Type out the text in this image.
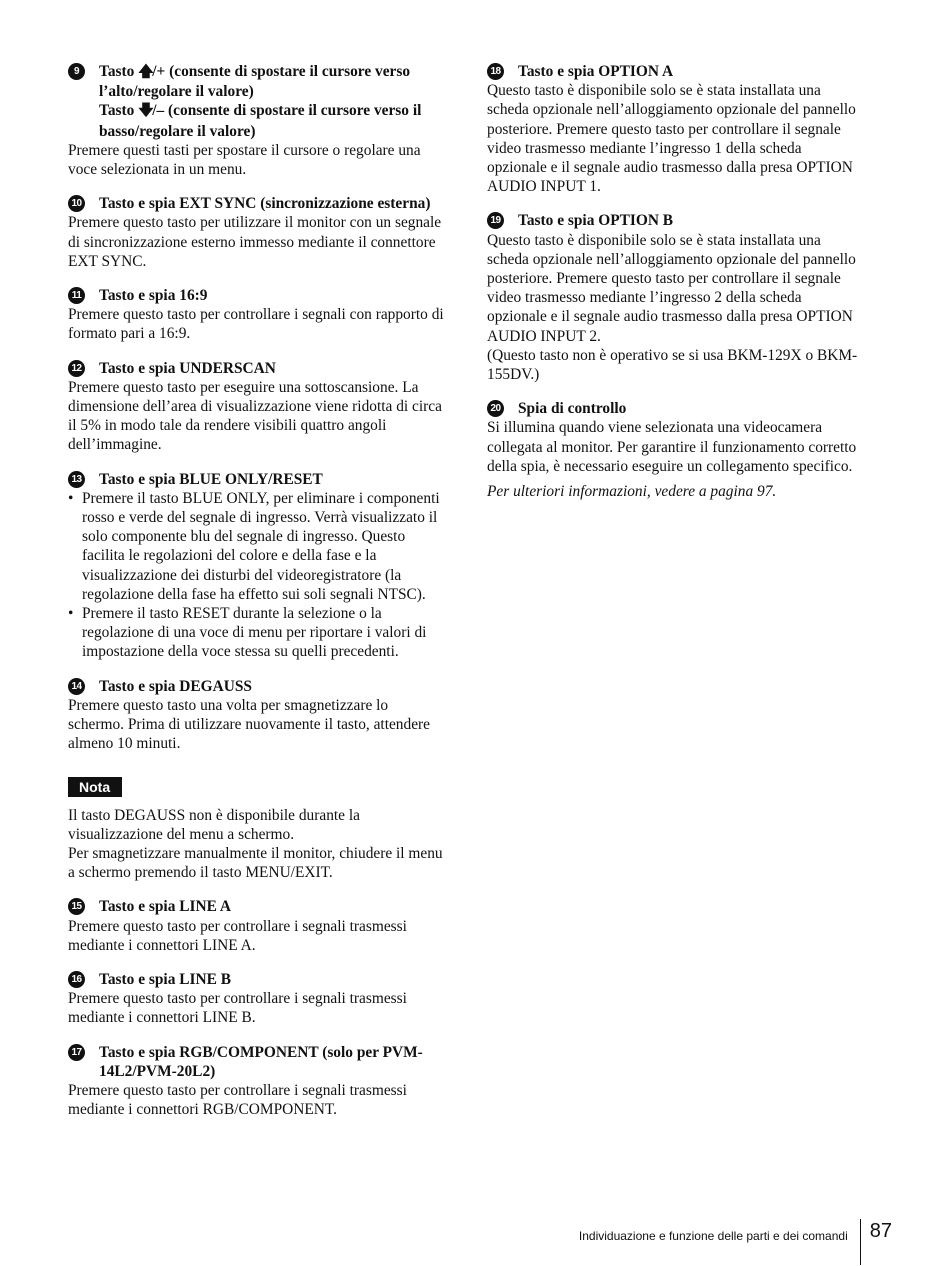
9	Tasto 🡅/+ (consente di spostare il cursore verso l’alto/regolare il valore)
Tasto 🡇/– (consente di spostare il cursore verso il basso/regolare il valore)
Premere questi tasti per spostare il cursore o regolare una voce selezionata in un menu.
10 Tasto e spia EXT SYNC (sincronizzazione esterna)
Premere questo tasto per utilizzare il monitor con un segnale di sincronizzazione esterno immesso mediante il connettore EXT SYNC.
11 Tasto e spia 16:9
Premere questo tasto per controllare i segnali con rapporto di formato pari a 16:9.
12 Tasto e spia UNDERSCAN
Premere questo tasto per eseguire una sottoscansione. La dimensione dell’area di visualizzazione viene ridotta di circa il 5% in modo tale da rendere visibili quattro angoli dell’immagine.
13 Tasto e spia BLUE ONLY/RESET
• Premere il tasto BLUE ONLY, per eliminare i componenti rosso e verde del segnale di ingresso. Verrà visualizzato il solo componente blu del segnale di ingresso. Questo facilita le regolazioni del colore e della fase e la visualizzazione dei disturbi del videoregistratore (la regolazione della fase ha effetto sui soli segnali NTSC).
• Premere il tasto RESET durante la selezione o la regolazione di una voce di menu per riportare i valori di impostazione della voce stessa su quelli precedenti.
14 Tasto e spia DEGAUSS
Premere questo tasto una volta per smagnetizzare lo schermo. Prima di utilizzare nuovamente il tasto, attendere almeno 10 minuti.
Nota
Il tasto DEGAUSS non è disponibile durante la visualizzazione del menu a schermo.
Per smagnetizzare manualmente il monitor, chiudere il menu a schermo premendo il tasto MENU/EXIT.
15 Tasto e spia LINE A
Premere questo tasto per controllare i segnali trasmessi mediante i connettori LINE A.
16 Tasto e spia LINE B
Premere questo tasto per controllare i segnali trasmessi mediante i connettori LINE B.
17 Tasto e spia RGB/COMPONENT (solo per PVM-14L2/PVM-20L2)
Premere questo tasto per controllare i segnali trasmessi mediante i connettori RGB/COMPONENT.
18 Tasto e spia OPTION A
Questo tasto è disponibile solo se è stata installata una scheda opzionale nell’alloggiamento opzionale del pannello posteriore. Premere questo tasto per controllare il segnale video trasmesso mediante l’ingresso 1 della scheda opzionale e il segnale audio trasmesso dalla presa OPTION AUDIO INPUT 1.
19 Tasto e spia OPTION B
Questo tasto è disponibile solo se è stata installata una scheda opzionale nell’alloggiamento opzionale del pannello posteriore. Premere questo tasto per controllare il segnale video trasmesso mediante l’ingresso 2 della scheda opzionale e il segnale audio trasmesso dalla presa OPTION AUDIO INPUT 2.
(Questo tasto non è operativo se si usa BKM-129X o BKM-155DV.)
20 Spia di controllo
Si illumina quando viene selezionata una videocamera collegata al monitor. Per garantire il funzionamento corretto della spia, è necessario eseguire un collegamento specifico.
Per ulteriori informazioni, vedere a pagina 97.
Individuazione e funzione delle parti e dei comandi 87
